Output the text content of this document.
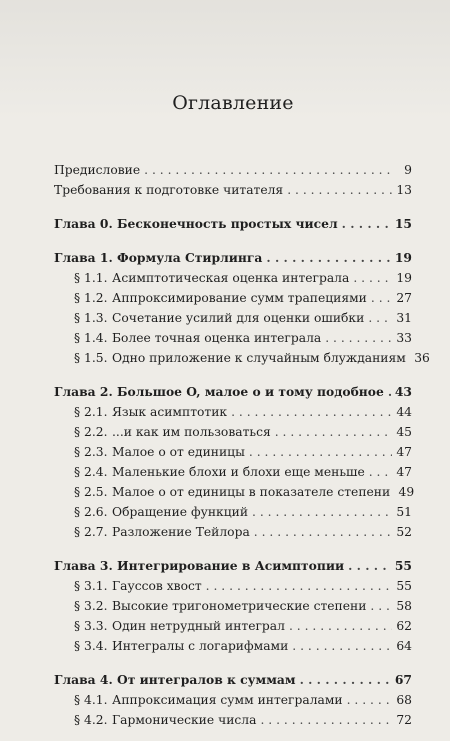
Оглавление
Предисловие . . .	9
Требования к подготовке читателя . . .	13
Глава 0. Бесконечность простых чисел . . .	15
Глава 1. Формула Стирлинга . . .	19
§ 1.1. Асимптотическая оценка интеграла . . .	19
§ 1.2. Аппроксимирование сумм трапециями . . . 27
§ 1.3. Сочетание усилий для оценки ошибки . . .	31
§ 1.4. Более точная оценка интеграла . . .	33
§ 1.5. Одно приложение к случайным блужданиям 36
Глава 2. Большое O, малое o и тому подобное . . . 43
§ 2.1. Язык асимптотик . . .	44
§ 2.2. ...и как им пользоваться . . .	45
§ 2.3. Малое o от единицы . . .	47
§ 2.4. Маленькие блохи и блохи еще меньше . . .	47
§ 2.5. Малое o от единицы в показателе степени 49
§ 2.6. Обращение функций . . .	51
§ 2.7. Разложение Тейлора . . .	52
Глава 3. Интегрирование в Асимптопии . . .	55
§ 3.1. Гауссов хвост . . .	55
§ 3.2. Высокие тригонометрические степени . . . 58
§ 3.3. Один нетрудный интеграл . . .	62
§ 3.4. Интегралы с логарифмами . . .	64
Глава 4. От интегралов к суммам . . .	67
§ 4.1. Аппроксимация сумм интегралами . . .	68
§ 4.2. Гармонические числа . . .	72
